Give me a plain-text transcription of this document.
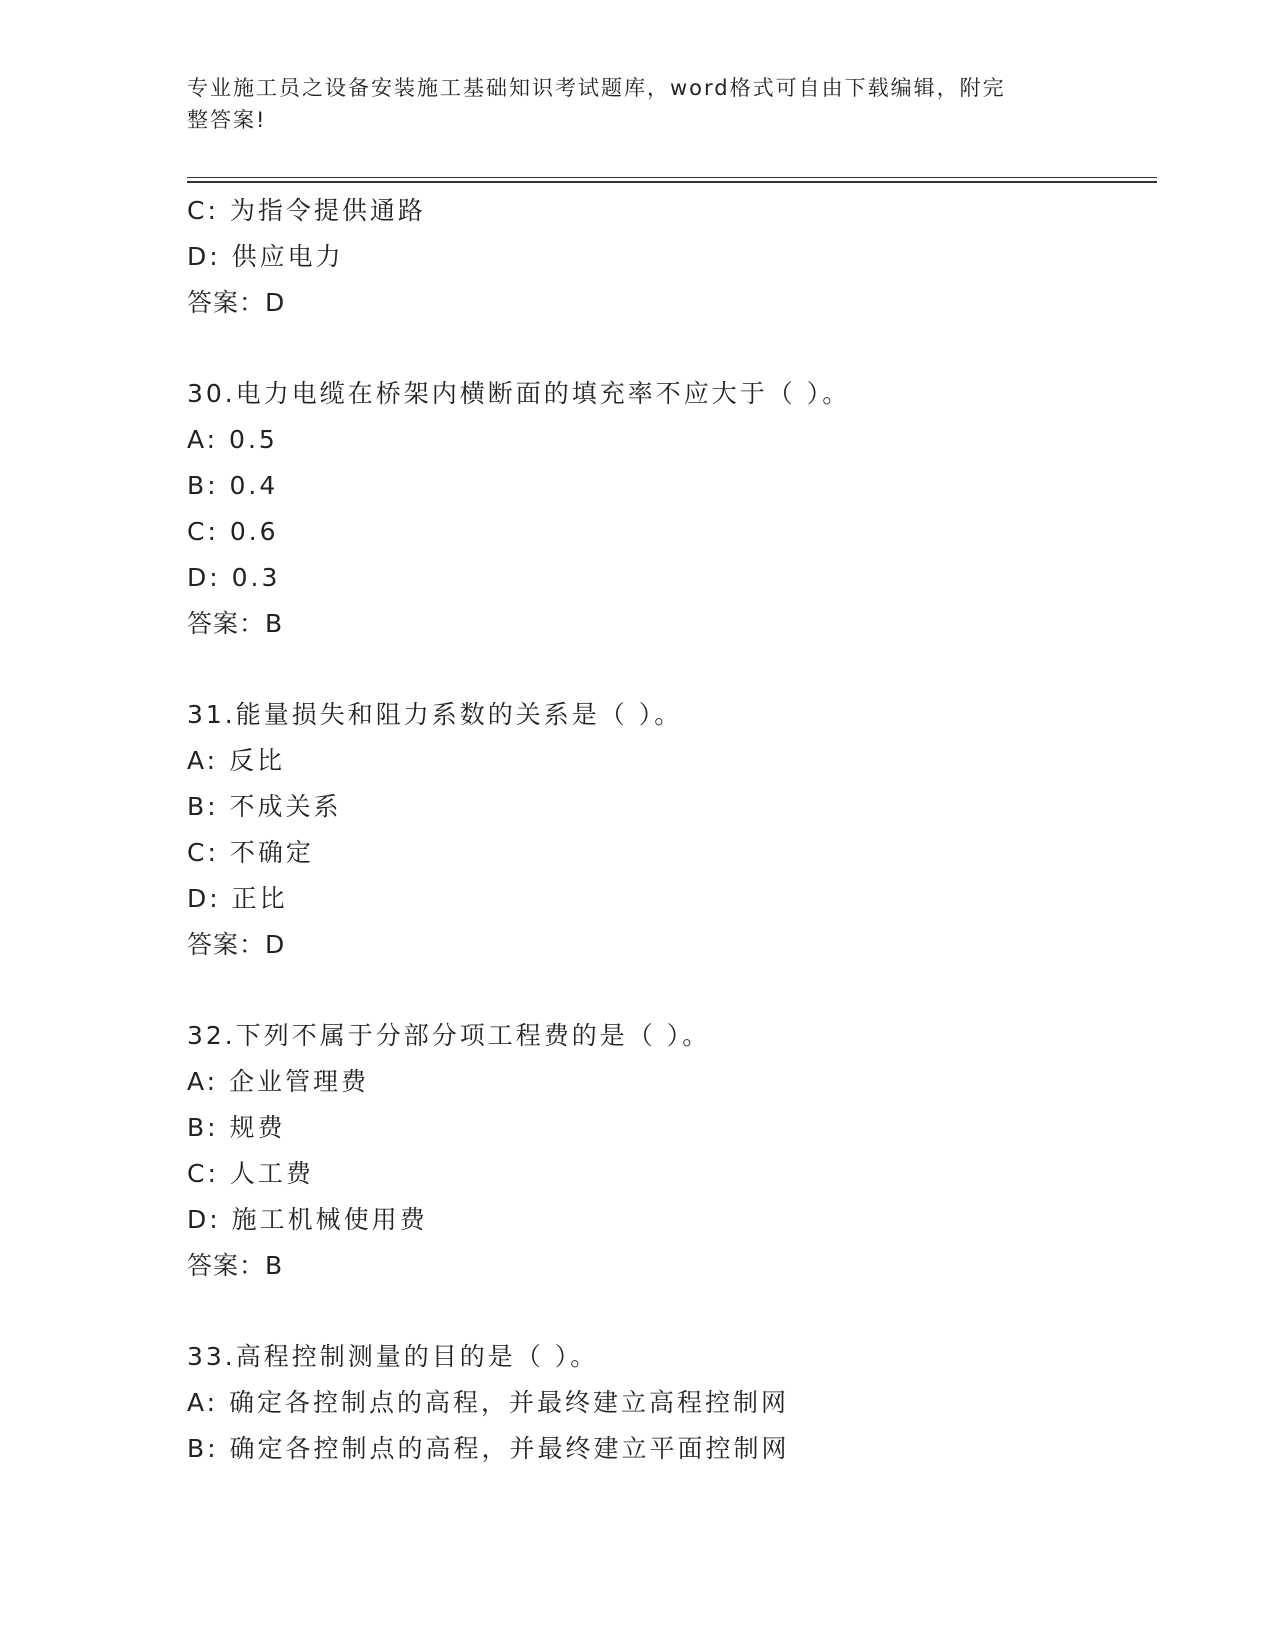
专业施工员之设备安装施工基础知识考试题库，word格式可自由下载编辑，附完
整答案!
C: 为指令提供通路
D: 供应电力
答案：D
30.电力电缆在桥架内横断面的填充率不应大于（ ）。
A: 0.5
B: 0.4
C: 0.6
D: 0.3
答案：B
31.能量损失和阻力系数的关系是（ ）。
A: 反比
B: 不成关系
C: 不确定
D: 正比
答案：D
32.下列不属于分部分项工程费的是（ ）。
A: 企业管理费
B: 规费
C: 人工费
D: 施工机械使用费
答案：B
33.高程控制测量的目的是（ ）。
A: 确定各控制点的高程，并最终建立高程控制网
B: 确定各控制点的高程，并最终建立平面控制网
